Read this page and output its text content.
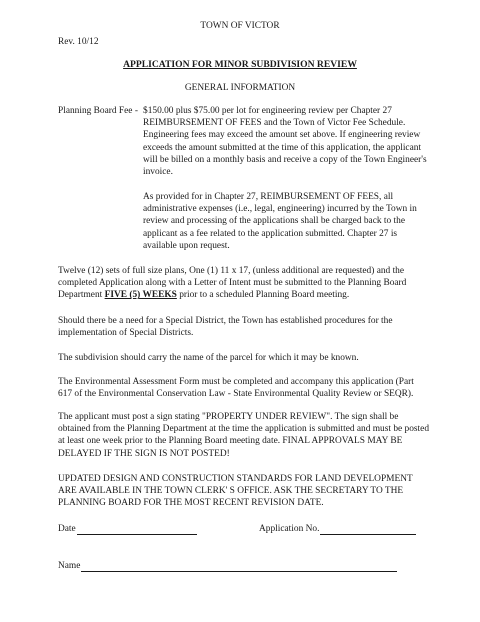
TOWN OF VICTOR
Rev. 10/12
APPLICATION FOR MINOR SUBDIVISION REVIEW
GENERAL INFORMATION
Planning Board Fee - $150.00 plus $75.00 per lot for engineering review per Chapter 27 REIMBURSEMENT OF FEES and the Town of Victor Fee Schedule. Engineering fees may exceed the amount set above. If engineering review exceeds the amount submitted at the time of this application, the applicant will be billed on a monthly basis and receive a copy of the Town Engineer's invoice.
As provided for in Chapter 27, REIMBURSEMENT OF FEES, all administrative expenses (i.e., legal, engineering) incurred by the Town in review and processing of the applications shall be charged back to the applicant as a fee related to the application submitted. Chapter 27 is available upon request.
Twelve (12) sets of full size plans, One (1) 11 x 17, (unless additional are requested) and the completed Application along with a Letter of Intent must be submitted to the Planning Board Department FIVE (5) WEEKS prior to a scheduled Planning Board meeting.
Should there be a need for a Special District, the Town has established procedures for the implementation of Special Districts.
The subdivision should carry the name of the parcel for which it may be known.
The Environmental Assessment Form must be completed and accompany this application (Part 617 of the Environmental Conservation Law - State Environmental Quality Review or SEQR).
The applicant must post a sign stating "PROPERTY UNDER REVIEW". The sign shall be obtained from the Planning Department at the time the application is submitted and must be posted at least one week prior to the Planning Board meeting date. FINAL APPROVALS MAY BE DELAYED IF THE SIGN IS NOT POSTED!
UPDATED DESIGN AND CONSTRUCTION STANDARDS FOR LAND DEVELOPMENT ARE AVAILABLE IN THE TOWN CLERK' S OFFICE. ASK THE SECRETARY TO THE PLANNING BOARD FOR THE MOST RECENT REVISION DATE.
Date	Application No.
Name
